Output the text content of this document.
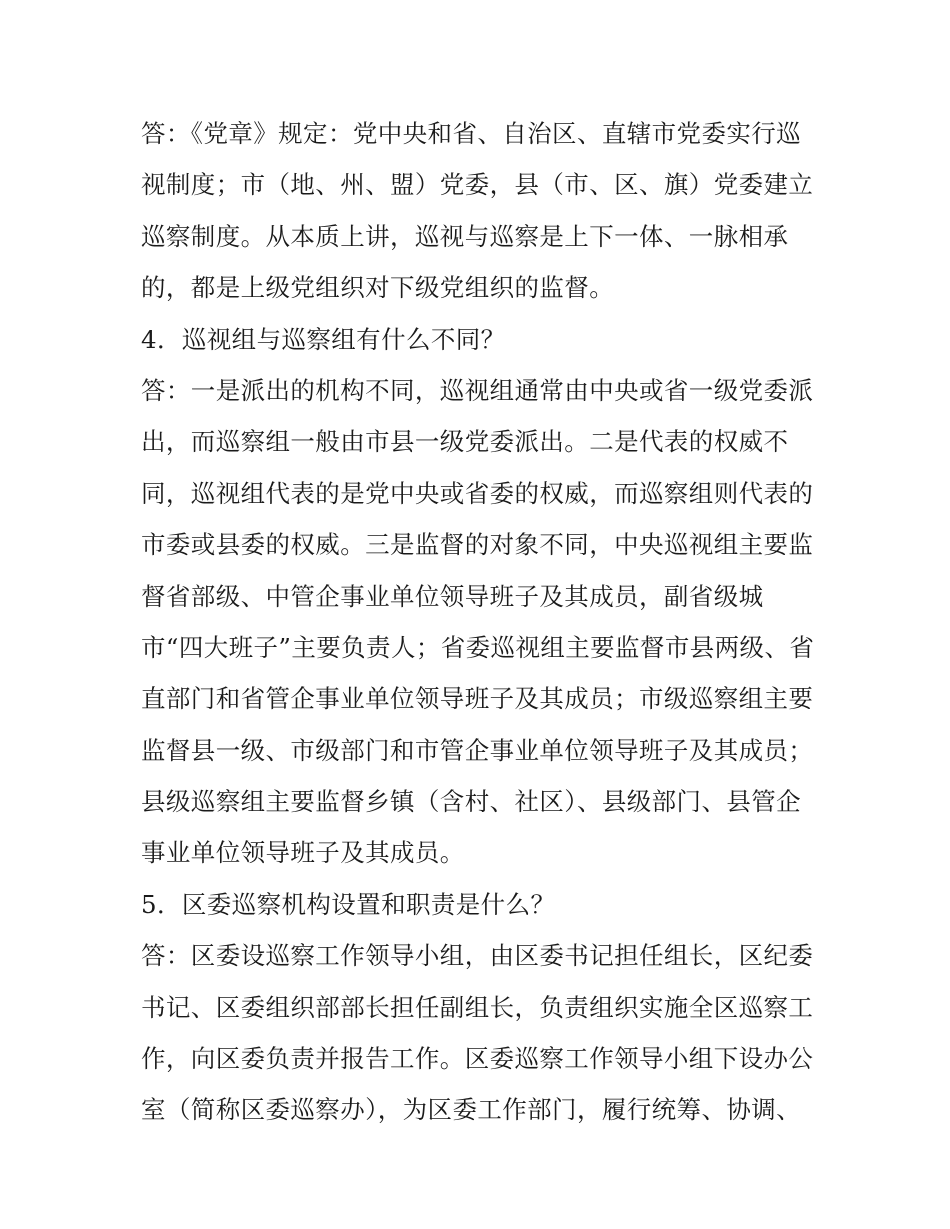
答：《党章》规定：党中央和省、自治区、直辖市党委实行巡
视制度；市（地、州、盟）党委，县（市、区、旗）党委建立
巡察制度。从本质上讲，巡视与巡察是上下一体、一脉相承
的，都是上级党组织对下级党组织的监督。
4．巡视组与巡察组有什么不同？
答：一是派出的机构不同，巡视组通常由中央或省一级党委派
出，而巡察组一般由市县一级党委派出。二是代表的权威不
同，巡视组代表的是党中央或省委的权威，而巡察组则代表的
市委或县委的权威。三是监督的对象不同，中央巡视组主要监
督省部级、中管企事业单位领导班子及其成员，副省级城
市“四大班子”主要负责人；省委巡视组主要监督市县两级、省
直部门和省管企事业单位领导班子及其成员；市级巡察组主要
监督县一级、市级部门和市管企事业单位领导班子及其成员；
县级巡察组主要监督乡镇（含村、社区）、县级部门、县管企
事业单位领导班子及其成员。
5．区委巡察机构设置和职责是什么？
答：区委设巡察工作领导小组，由区委书记担任组长，区纪委
书记、区委组织部部长担任副组长，负责组织实施全区巡察工
作，向区委负责并报告工作。区委巡察工作领导小组下设办公
室（简称区委巡察办），为区委工作部门，履行统筹、协调、
